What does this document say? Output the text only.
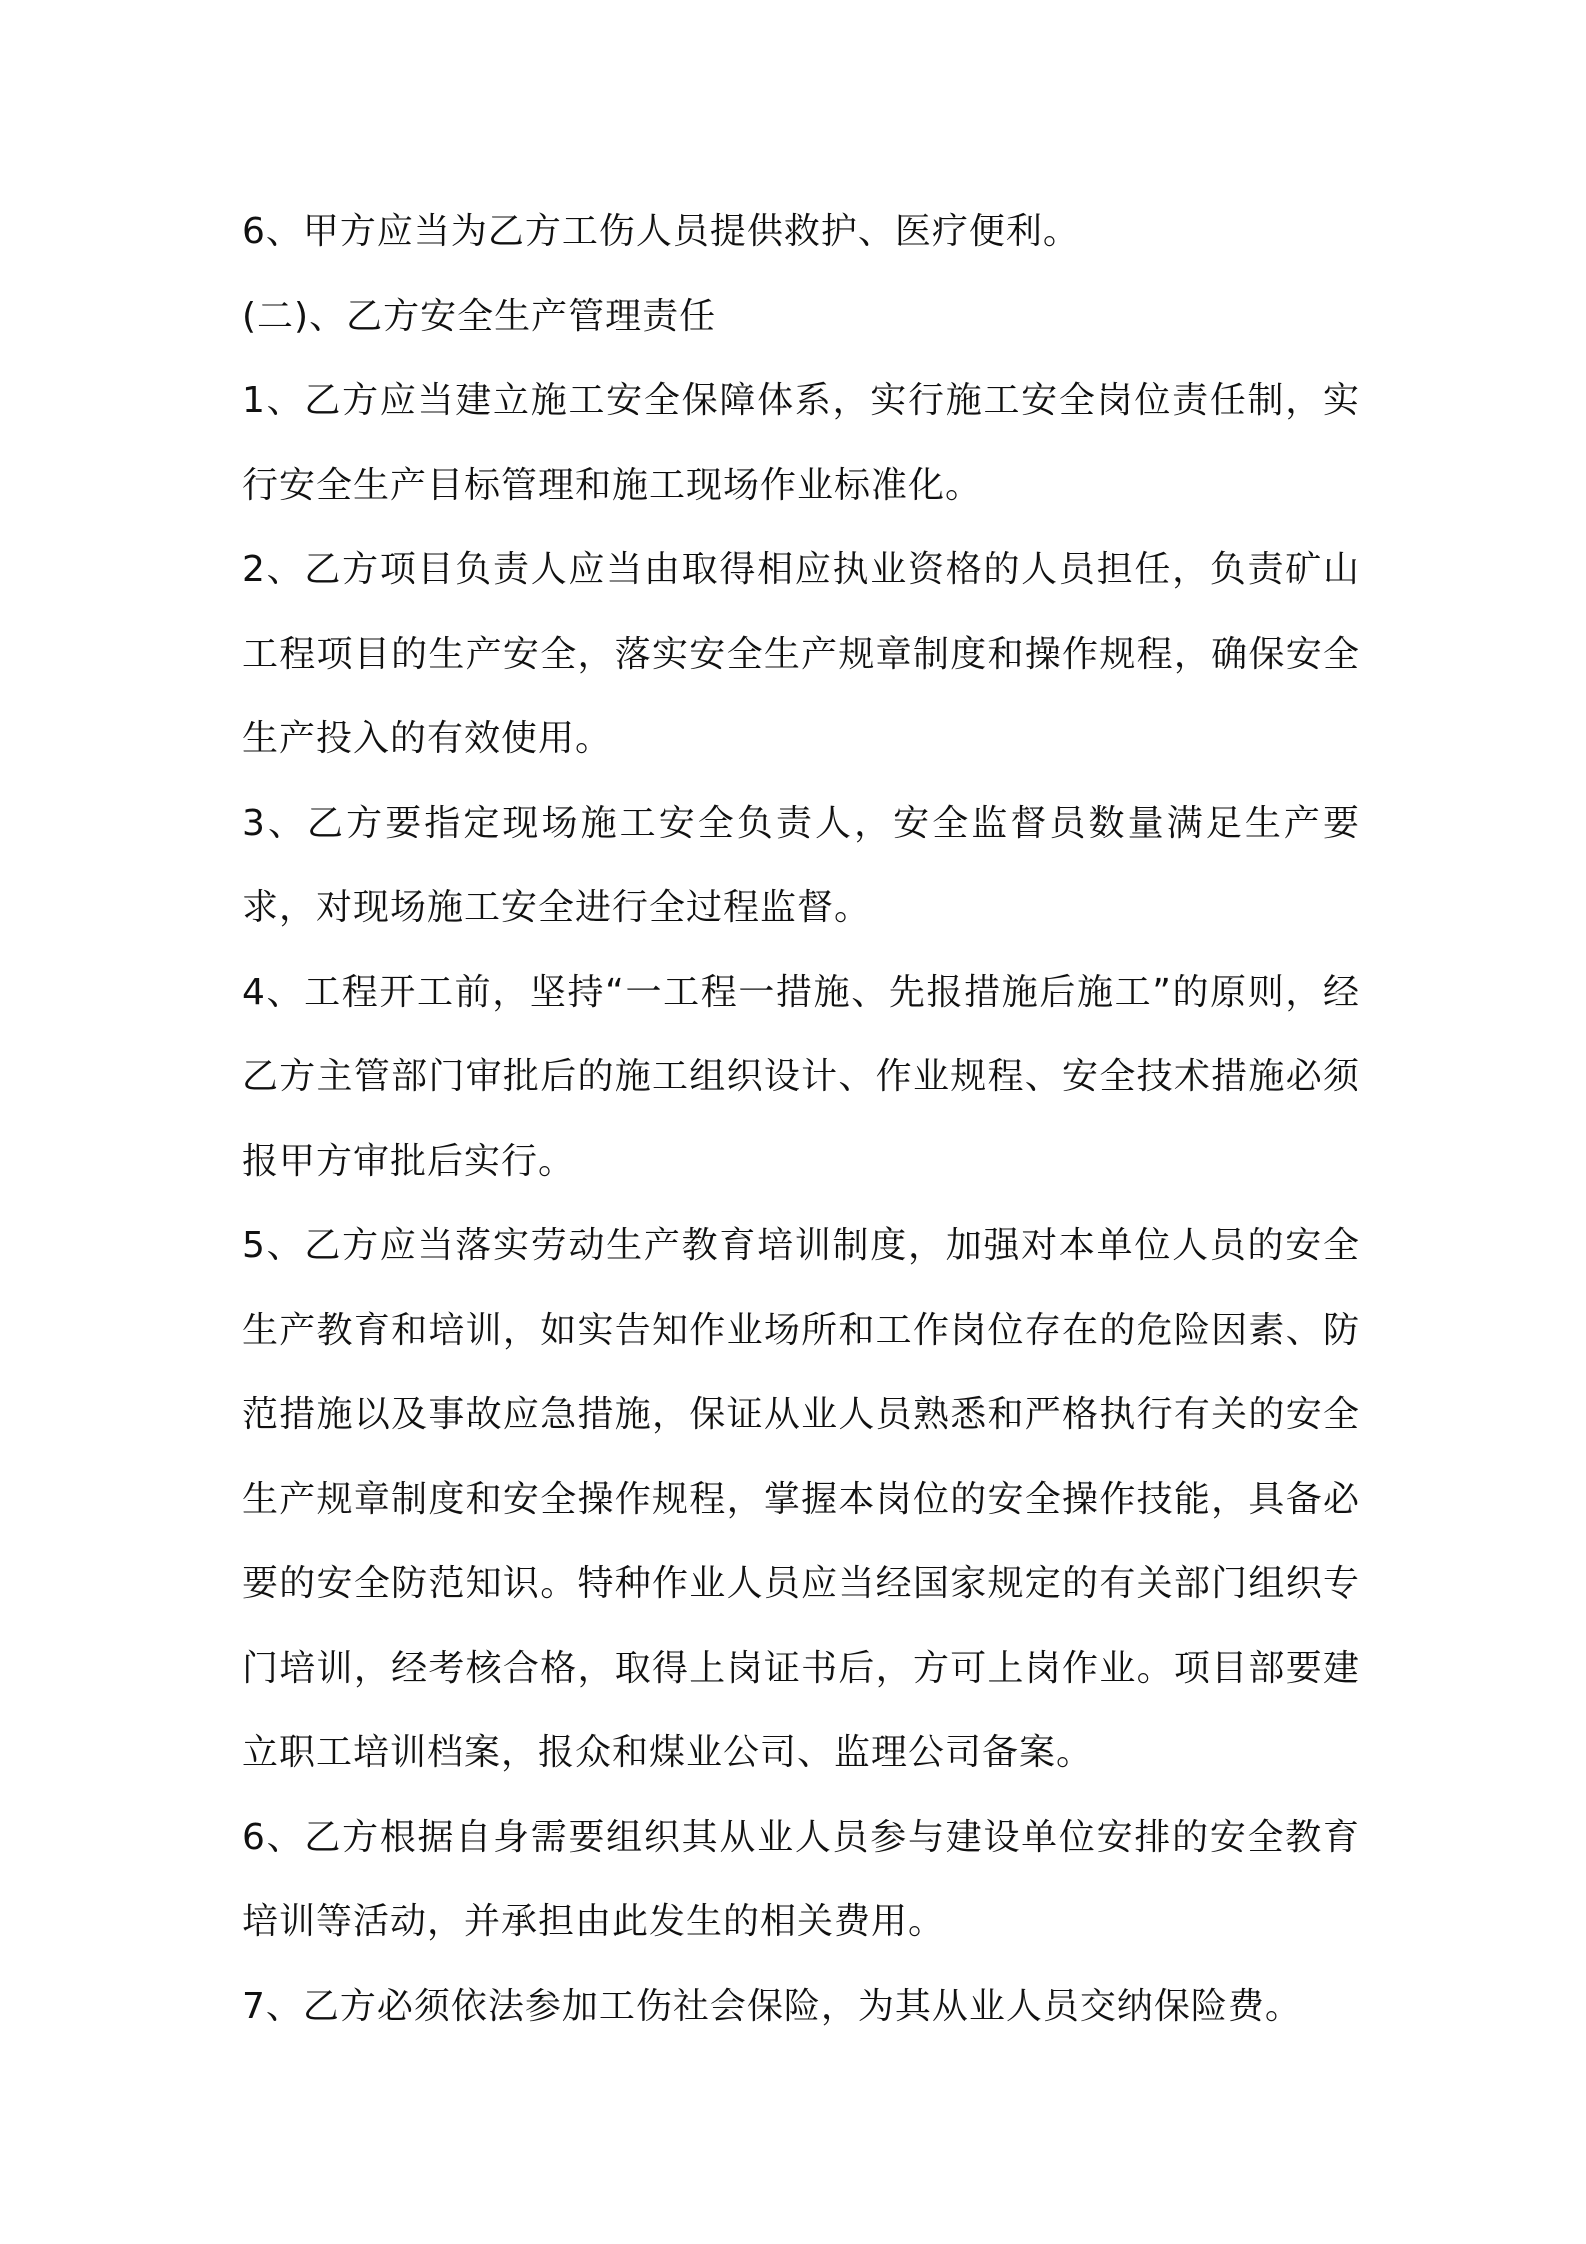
6、甲方应当为乙方工伤人员提供救护、医疗便利。

(二)、乙方安全生产管理责任

1、乙方应当建立施工安全保障体系，实行施工安全岗位责任制，实行安全生产目标管理和施工现场作业标准化。

2、乙方项目负责人应当由取得相应执业资格的人员担任，负责矿山工程项目的生产安全，落实安全生产规章制度和操作规程，确保安全生产投入的有效使用。

3、乙方要指定现场施工安全负责人，安全监督员数量满足生产要求，对现场施工安全进行全过程监督。

4、工程开工前，坚持“一工程一措施、先报措施后施工”的原则，经乙方主管部门审批后的施工组织设计、作业规程、安全技术措施必须报甲方审批后实行。

5、乙方应当落实劳动生产教育培训制度，加强对本单位人员的安全生产教育和培训，如实告知作业场所和工作岗位存在的危险因素、防范措施以及事故应急措施，保证从业人员熟悉和严格执行有关的安全生产规章制度和安全操作规程，掌握本岗位的安全操作技能，具备必要的安全防范知识。特种作业人员应当经国家规定的有关部门组织专门培训，经考核合格，取得上岗证书后，方可上岗作业。项目部要建立职工培训档案，报众和煤业公司、监理公司备案。

6、乙方根据自身需要组织其从业人员参与建设单位安排的安全教育培训等活动，并承担由此发生的相关费用。

7、乙方必须依法参加工伤社会保险，为其从业人员交纳保险费。
